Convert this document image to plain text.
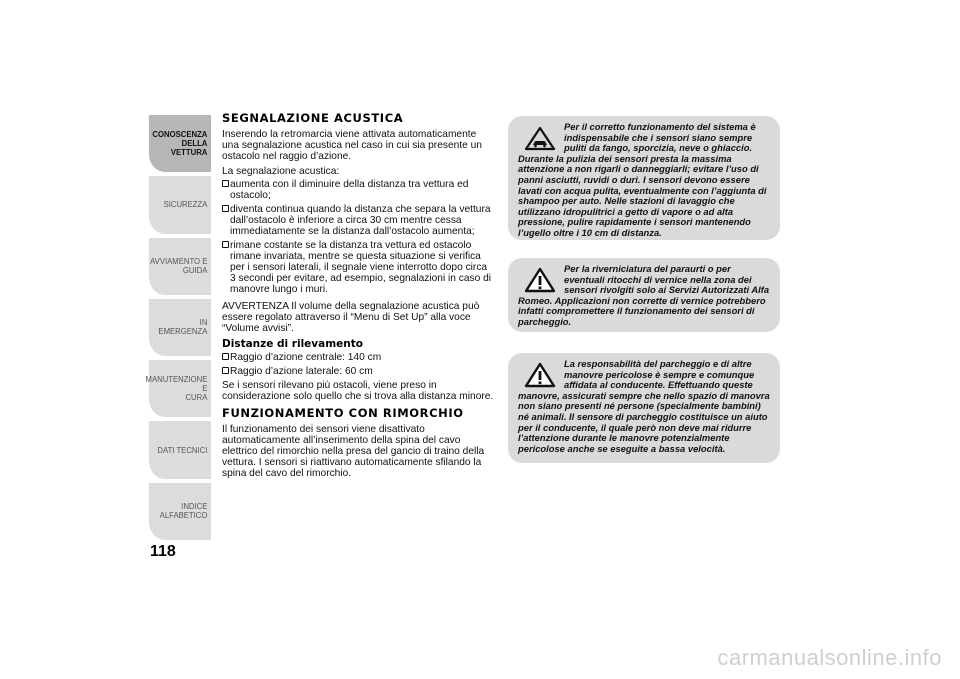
CONOSCENZA
DELLA VETTURA
SICUREZZA
AVVIAMENTO E
GUIDA
IN EMERGENZA
MANUTENZIONE E
CURA
DATI TECNICI
INDICE ALFABETICO
118
SEGNALAZIONE ACUSTICA

Inserendo la retromarcia viene attivata automaticamente una segnalazione acustica nel caso in cui sia presente un ostacolo nel raggio d’azione.

La segnalazione acustica:

aumenta con il diminuire della distanza tra vettura ed ostacolo;
diventa continua quando la distanza che separa la vettura dall’ostacolo è inferiore a circa 30 cm mentre cessa immediatamente se la distanza dall’ostacolo aumenta;
rimane costante se la distanza tra vettura ed ostacolo rimane invariata, mentre se questa situazione si verifica per i sensori laterali, il segnale viene interrotto dopo circa 3 secondi per evitare, ad esempio, segnalazioni in caso di manovre lungo i muri.

AVVERTENZA Il volume della segnalazione acustica può essere regolato attraverso il “Menu di Set Up” alla voce “Volume avvisi”.

Distanze di rilevamento
Raggio d’azione centrale: 140 cm
Raggio d’azione laterale: 60 cm

Se i sensori rilevano più ostacoli, viene preso in considerazione solo quello che si trova alla distanza minore.

FUNZIONAMENTO CON RIMORCHIO

Il funzionamento dei sensori viene disattivato automaticamente all’inserimento della spina del cavo elettrico del rimorchio nella presa del gancio di traino della vettura. I sensori si riattivano automaticamente sfilando la spina del cavo del rimorchio.

Per il corretto funzionamento del sistema è indispensabile che i sensori siano sempre puliti da fango, sporcizia, neve o ghiaccio. Durante la pulizia dei sensori presta la massima attenzione a non rigarli o danneggiarli; evitare l’uso di panni asciutti, ruvidi o duri. I sensori devono essere lavati con acqua pulita, eventualmente con l’aggiunta di shampoo per auto. Nelle stazioni di lavaggio che utilizzano idropulitrici a getto di vapore o ad alta pressione, pulire rapidamente i sensori mantenendo l’ugello oltre i 10 cm di distanza.

Per la riverniciatura del paraurti o per eventuali ritocchi di vernice nella zona dei sensori rivolgiti solo ai Servizi Autorizzati Alfa Romeo. Applicazioni non corrette di vernice potrebbero infatti compromettere il funzionamento dei sensori di parcheggio.

La responsabilità del parcheggio e di altre manovre pericolose è sempre e comunque affidata al conducente. Effettuando queste manovre, assicurati sempre che nello spazio di manovra non siano presenti né persone (specialmente bambini) né animali. Il sensore di parcheggio costituisce un aiuto per il conducente, il quale però non deve mai ridurre l’attenzione durante le manovre potenzialmente pericolose anche se eseguite a bassa velocità.

carmanualsonline.info
